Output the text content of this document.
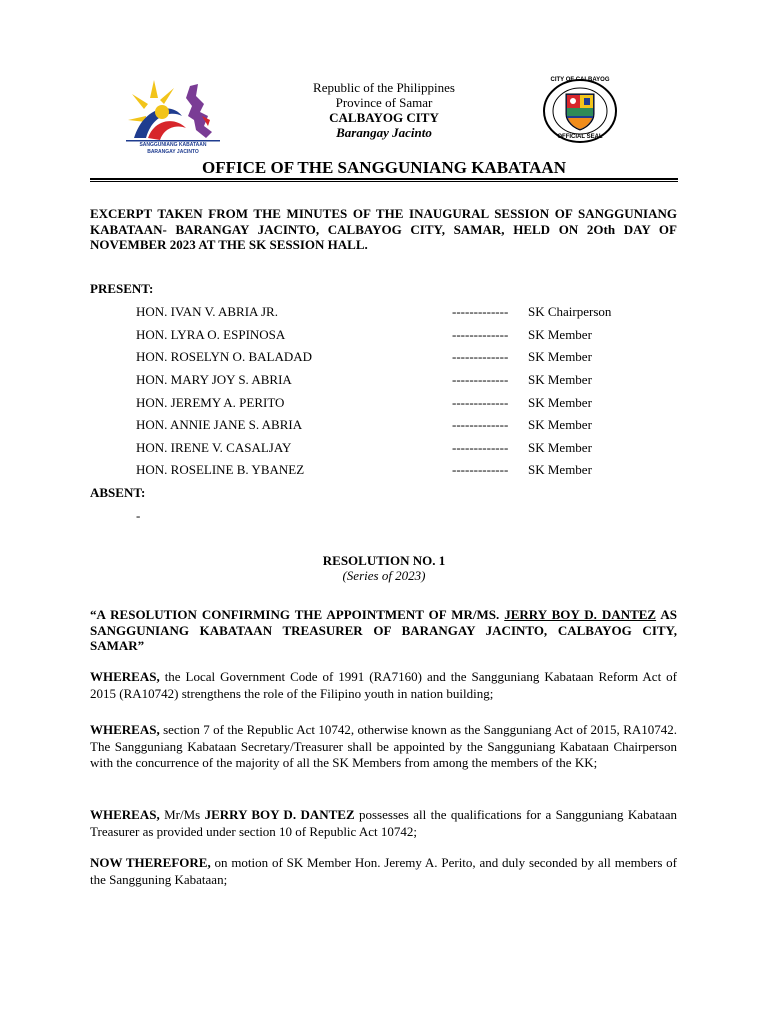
SANGGUNIANG KABATAAN
BARANGAY JACINTO
CITY OF CALBAYOG
OFFICIAL SEAL
Republic of the Philippines
Province of Samar
CALBAYOG CITY
Barangay Jacinto
OFFICE OF THE SANGGUNIANG KABATAAN
EXCERPT TAKEN FROM THE MINUTES OF THE INAUGURAL SESSION OF SANGGUNIANG KABATAAN- BARANGAY JACINTO, CALBAYOG CITY, SAMAR, HELD ON 2Oth DAY OF NOVEMBER 2023 AT THE SK SESSION HALL.
PRESENT:
HON. IVAN V. ABRIA JR.	------------- SK Chairperson
HON. LYRA O. ESPINOSA	------------- SK Member
HON. ROSELYN O. BALADAD	------------- SK Member
HON. MARY JOY S. ABRIA	------------- SK Member
HON. JEREMY A. PERITO	------------- SK Member
HON. ANNIE JANE S. ABRIA	------------- SK Member
HON. IRENE V. CASALJAY	------------- SK Member
HON. ROSELINE B. YBANEZ	------------- SK Member
ABSENT:
-
RESOLUTION NO. 1
(Series of 2023)
“A RESOLUTION CONFIRMING THE APPOINTMENT OF MR/MS. JERRY BOY D. DANTEZ AS SANGGUNIANG KABATAAN TREASURER OF BARANGAY JACINTO, CALBAYOG CITY, SAMAR”
WHEREAS, the Local Government Code of 1991 (RA7160) and the Sangguniang Kabataan Reform Act of 2015 (RA10742) strengthens the role of the Filipino youth in nation building;
WHEREAS, section 7 of the Republic Act 10742, otherwise known as the Sangguniang Act of 2015, RA10742. The Sangguniang Kabataan Secretary/Treasurer shall be appointed by the Sangguniang Kabataan Chairperson with the concurrence of the majority of all the SK Members from among the members of the KK;
WHEREAS, Mr/Ms JERRY BOY D. DANTEZ possesses all the qualifications for a Sangguniang Kabataan Treasurer as provided under section 10 of Republic Act 10742;
NOW THEREFORE, on motion of SK Member Hon. Jeremy A. Perito, and duly seconded by all members of the Sangguning Kabataan;
